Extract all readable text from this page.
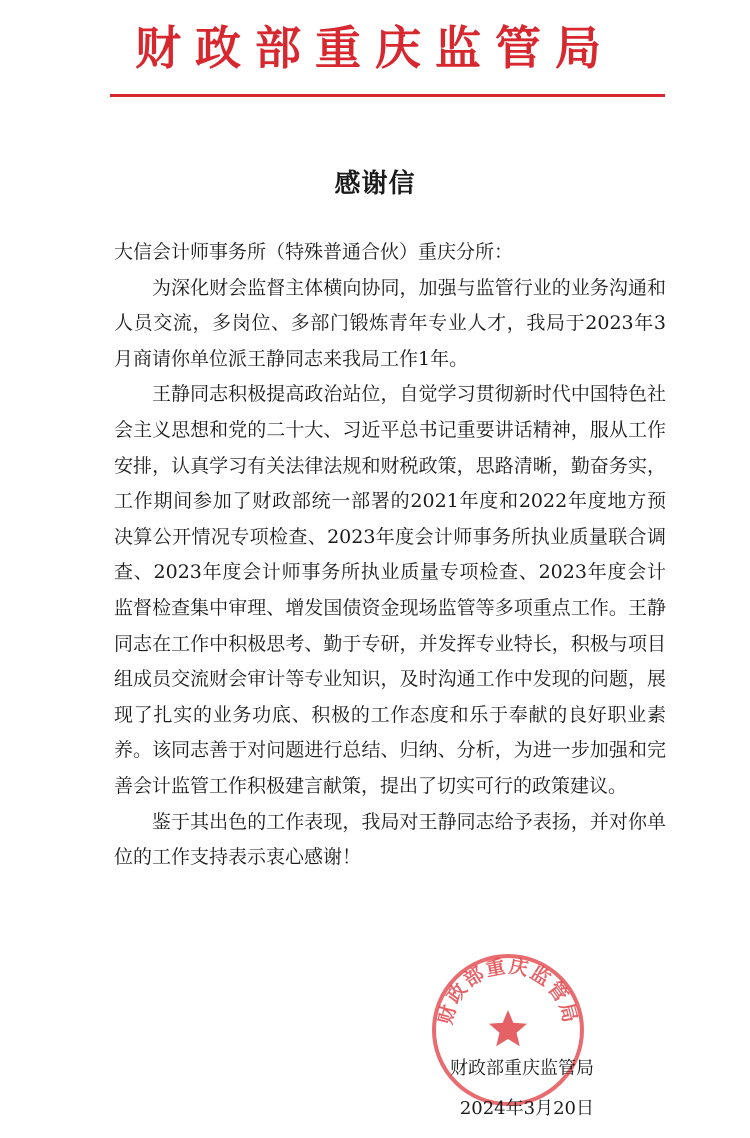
财政部重庆监管局
感谢信

大信会计师事务所（特殊普通合伙）重庆分所：

为深化财会监督主体横向协同，加强与监管行业的业务沟通和人员交流，多岗位、多部门锻炼青年专业人才，我局于2023年3月商请你单位派王静同志来我局工作1年。

王静同志积极提高政治站位，自觉学习贯彻新时代中国特色社会主义思想和党的二十大、习近平总书记重要讲话精神，服从工作安排，认真学习有关法律法规和财税政策，思路清晰，勤奋务实，工作期间参加了财政部统一部署的2021年度和2022年度地方预决算公开情况专项检查、2023年度会计师事务所执业质量联合调查、2023年度会计师事务所执业质量专项检查、2023年度会计监督检查集中审理、增发国债资金现场监管等多项重点工作。王静同志在工作中积极思考、勤于专研，并发挥专业特长，积极与项目组成员交流财会审计等专业知识，及时沟通工作中发现的问题，展现了扎实的业务功底、积极的工作态度和乐于奉献的良好职业素养。该同志善于对问题进行总结、归纳、分析，为进一步加强和完善会计监管工作积极建言献策，提出了切实可行的政策建议。

鉴于其出色的工作表现，我局对王静同志给予表扬，并对你单位的工作支持表示衷心感谢！

财政部重庆监管局
财政部重庆监管局
2024年3月20日
